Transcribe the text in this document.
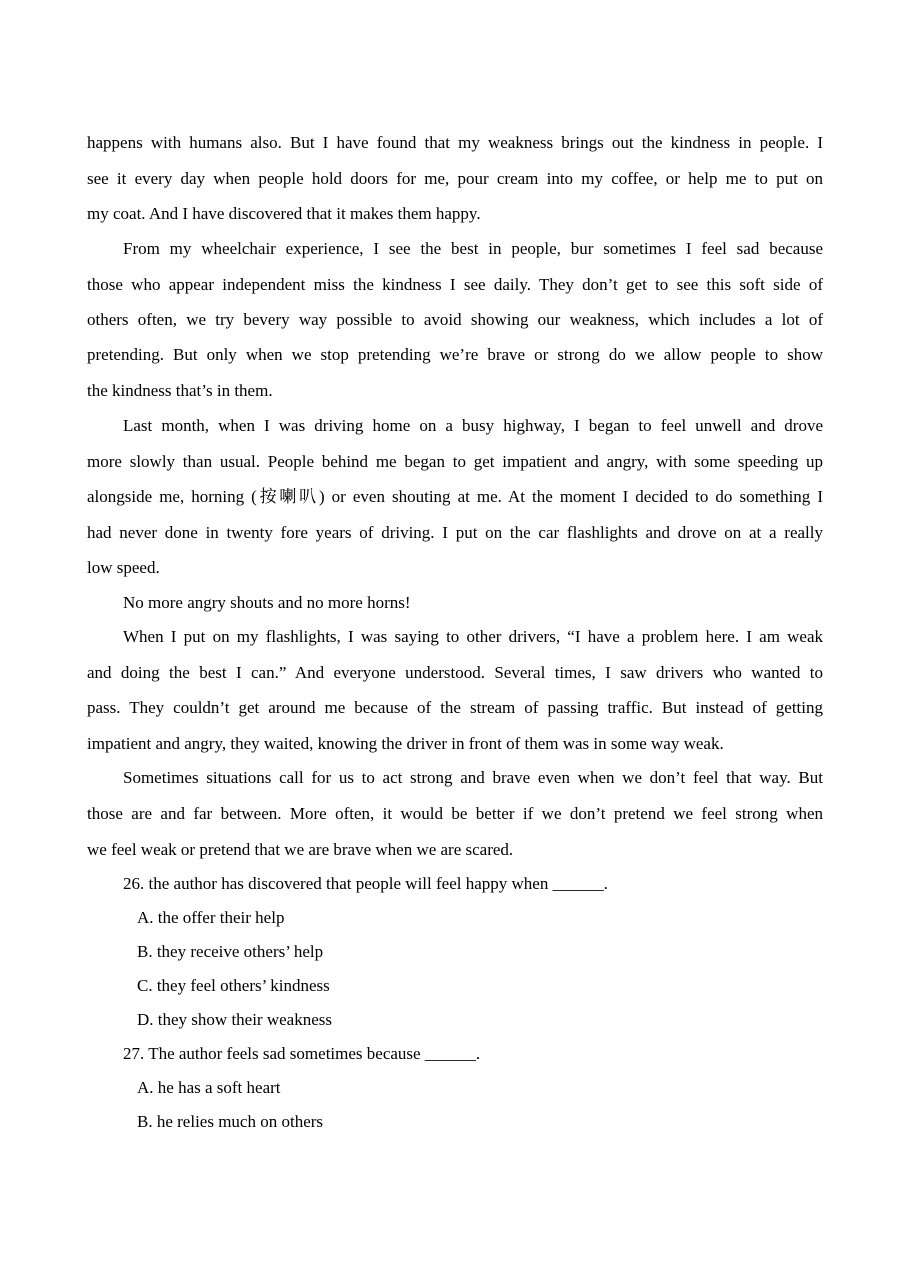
happens with humans also. But I have found that my weakness brings out the kindness in people. I
see it every day when people hold doors for me, pour cream into my coffee, or help me to put on
my coat. And I have discovered that it makes them happy.
From my wheelchair experience, I see the best in people, bur sometimes I feel sad because
those who appear independent miss the kindness I see daily. They don’t get to see this soft side of
others often, we try bevery way possible to avoid showing our weakness, which includes a lot of
pretending. But only when we stop pretending we’re brave or strong do we allow people to show
the kindness that’s in them.
Last month, when I was driving home on a busy highway, I began to feel unwell and drove
more slowly than usual. People behind me began to get impatient and angry, with some speeding up
alongside me, horning (按喇叭) or even shouting at me. At the moment I decided to do something I
had never done in twenty fore years of driving. I put on the car flashlights and drove on at a really
low speed.
No more angry shouts and no more horns!
When I put on my flashlights, I was saying to other drivers, “I have a problem here. I am weak
and doing the best I can.” And everyone understood. Several times, I saw drivers who wanted to
pass. They couldn’t get around me because of the stream of passing traffic. But instead of getting
impatient and angry, they waited, knowing the driver in front of them was in some way weak.
Sometimes situations call for us to act strong and brave even when we don’t feel that way. But
those are and far between. More often, it would be better if we don’t pretend we feel strong when
we feel weak or pretend that we are brave when we are scared.
26. the author has discovered that people will feel happy when ______.
A. the offer their help
B. they receive others’ help
C. they feel others’ kindness
D. they show their weakness
27. The author feels sad sometimes because ______.
A. he has a soft heart
B. he relies much on others
